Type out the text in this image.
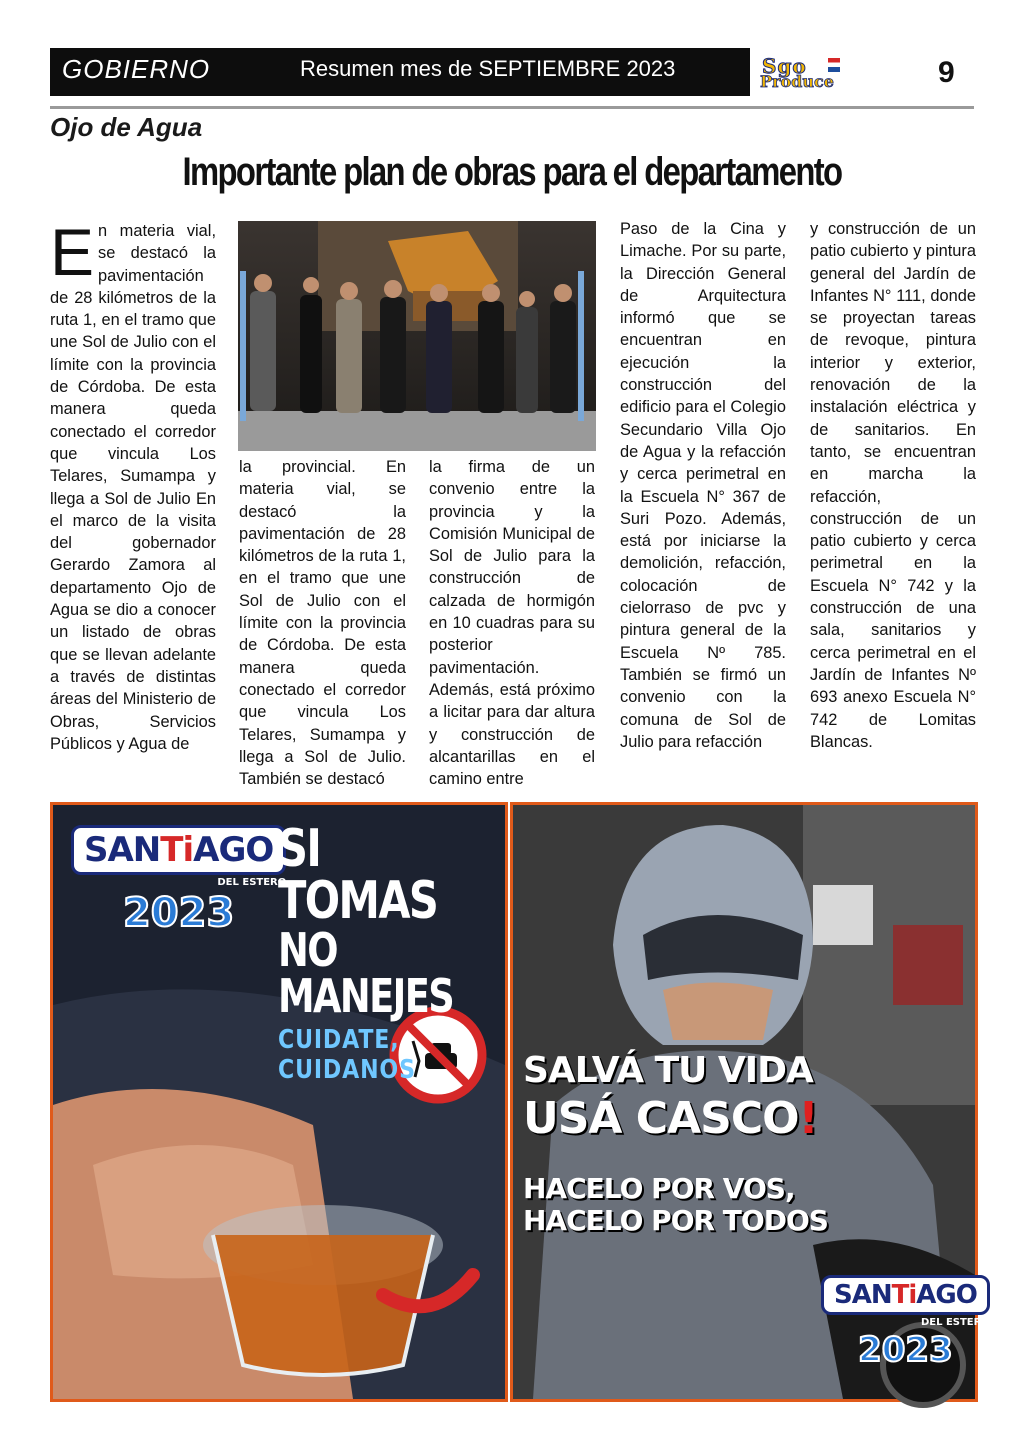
GOBIERNO	Resumen mes de SEPTIEMBRE 2023	Sgo
Produce	9
Ojo de Agua
Importante plan de obras para el departamento
E n materia vial, se destacó la pavimentación de 28 kilómetros de la ruta 1, en el tramo que une Sol de Julio con el límite con la provincia de Córdoba. De esta manera queda conectado el corredor que vincula Los Telares, Sumampa y llega a Sol de Julio En el marco de la visita del gobernador Gerardo Zamora al departamento Ojo de Agua se dio a conocer un listado de obras que se llevan adelante a través de distintas áreas del Ministerio de Obras, Servicios Públicos y Agua de
la provincial. En materia vial, se destacó la pavimentación de 28 kilómetros de la ruta 1, en el tramo que une Sol de Julio con el límite con la provincia de Córdoba. De esta manera queda conectado el corredor que vincula Los Telares, Sumampa y llega a Sol de Julio. También se destacó
la firma de un convenio entre la provincia y la Comisión Municipal de Sol de Julio para la construcción de calzada de hormigón en 10 cuadras para su posterior pavimentación. Además, está próximo a licitar para dar altura y construcción de alcantarillas en el camino entre
Paso de la Cina y Limache. Por su parte, la Dirección General de Arquitectura informó que se encuentran en ejecución la construcción del edificio para el Colegio Secundario Villa Ojo de Agua y la refacción y cerca perimetral en la Escuela N° 367 de Suri Pozo. Además, está por iniciarse la demolición, refacción, colocación de cielorraso de pvc y pintura general de la Escuela Nº 785. También se firmó un convenio con la comuna de Sol de Julio para refacción
y construcción de un patio cubierto y pintura general del Jardín de Infantes N° 111, donde se proyectan tareas de revoque, pintura interior y exterior, renovación de la instalación eléctrica y de sanitarios. En tanto, se encuentran en marcha la refacción, construcción de un patio cubierto y cerca perimetral en la Escuela N° 742 y la construcción de una sala, sanitarios y cerca perimetral en el Jardín de Infantes Nº 693 anexo Escuela N° 742 de Lomitas Blancas.
SANTiAGO
DEL ESTERO
2023
SI TOMAS
NO MANEJES
CUIDATE, CUIDANOS	SALVÁ TU VIDA
USÁ CASCO!
HACELO POR VOS,
HACELO POR TODOS
SANTiAGO
DEL ESTERO
2023
